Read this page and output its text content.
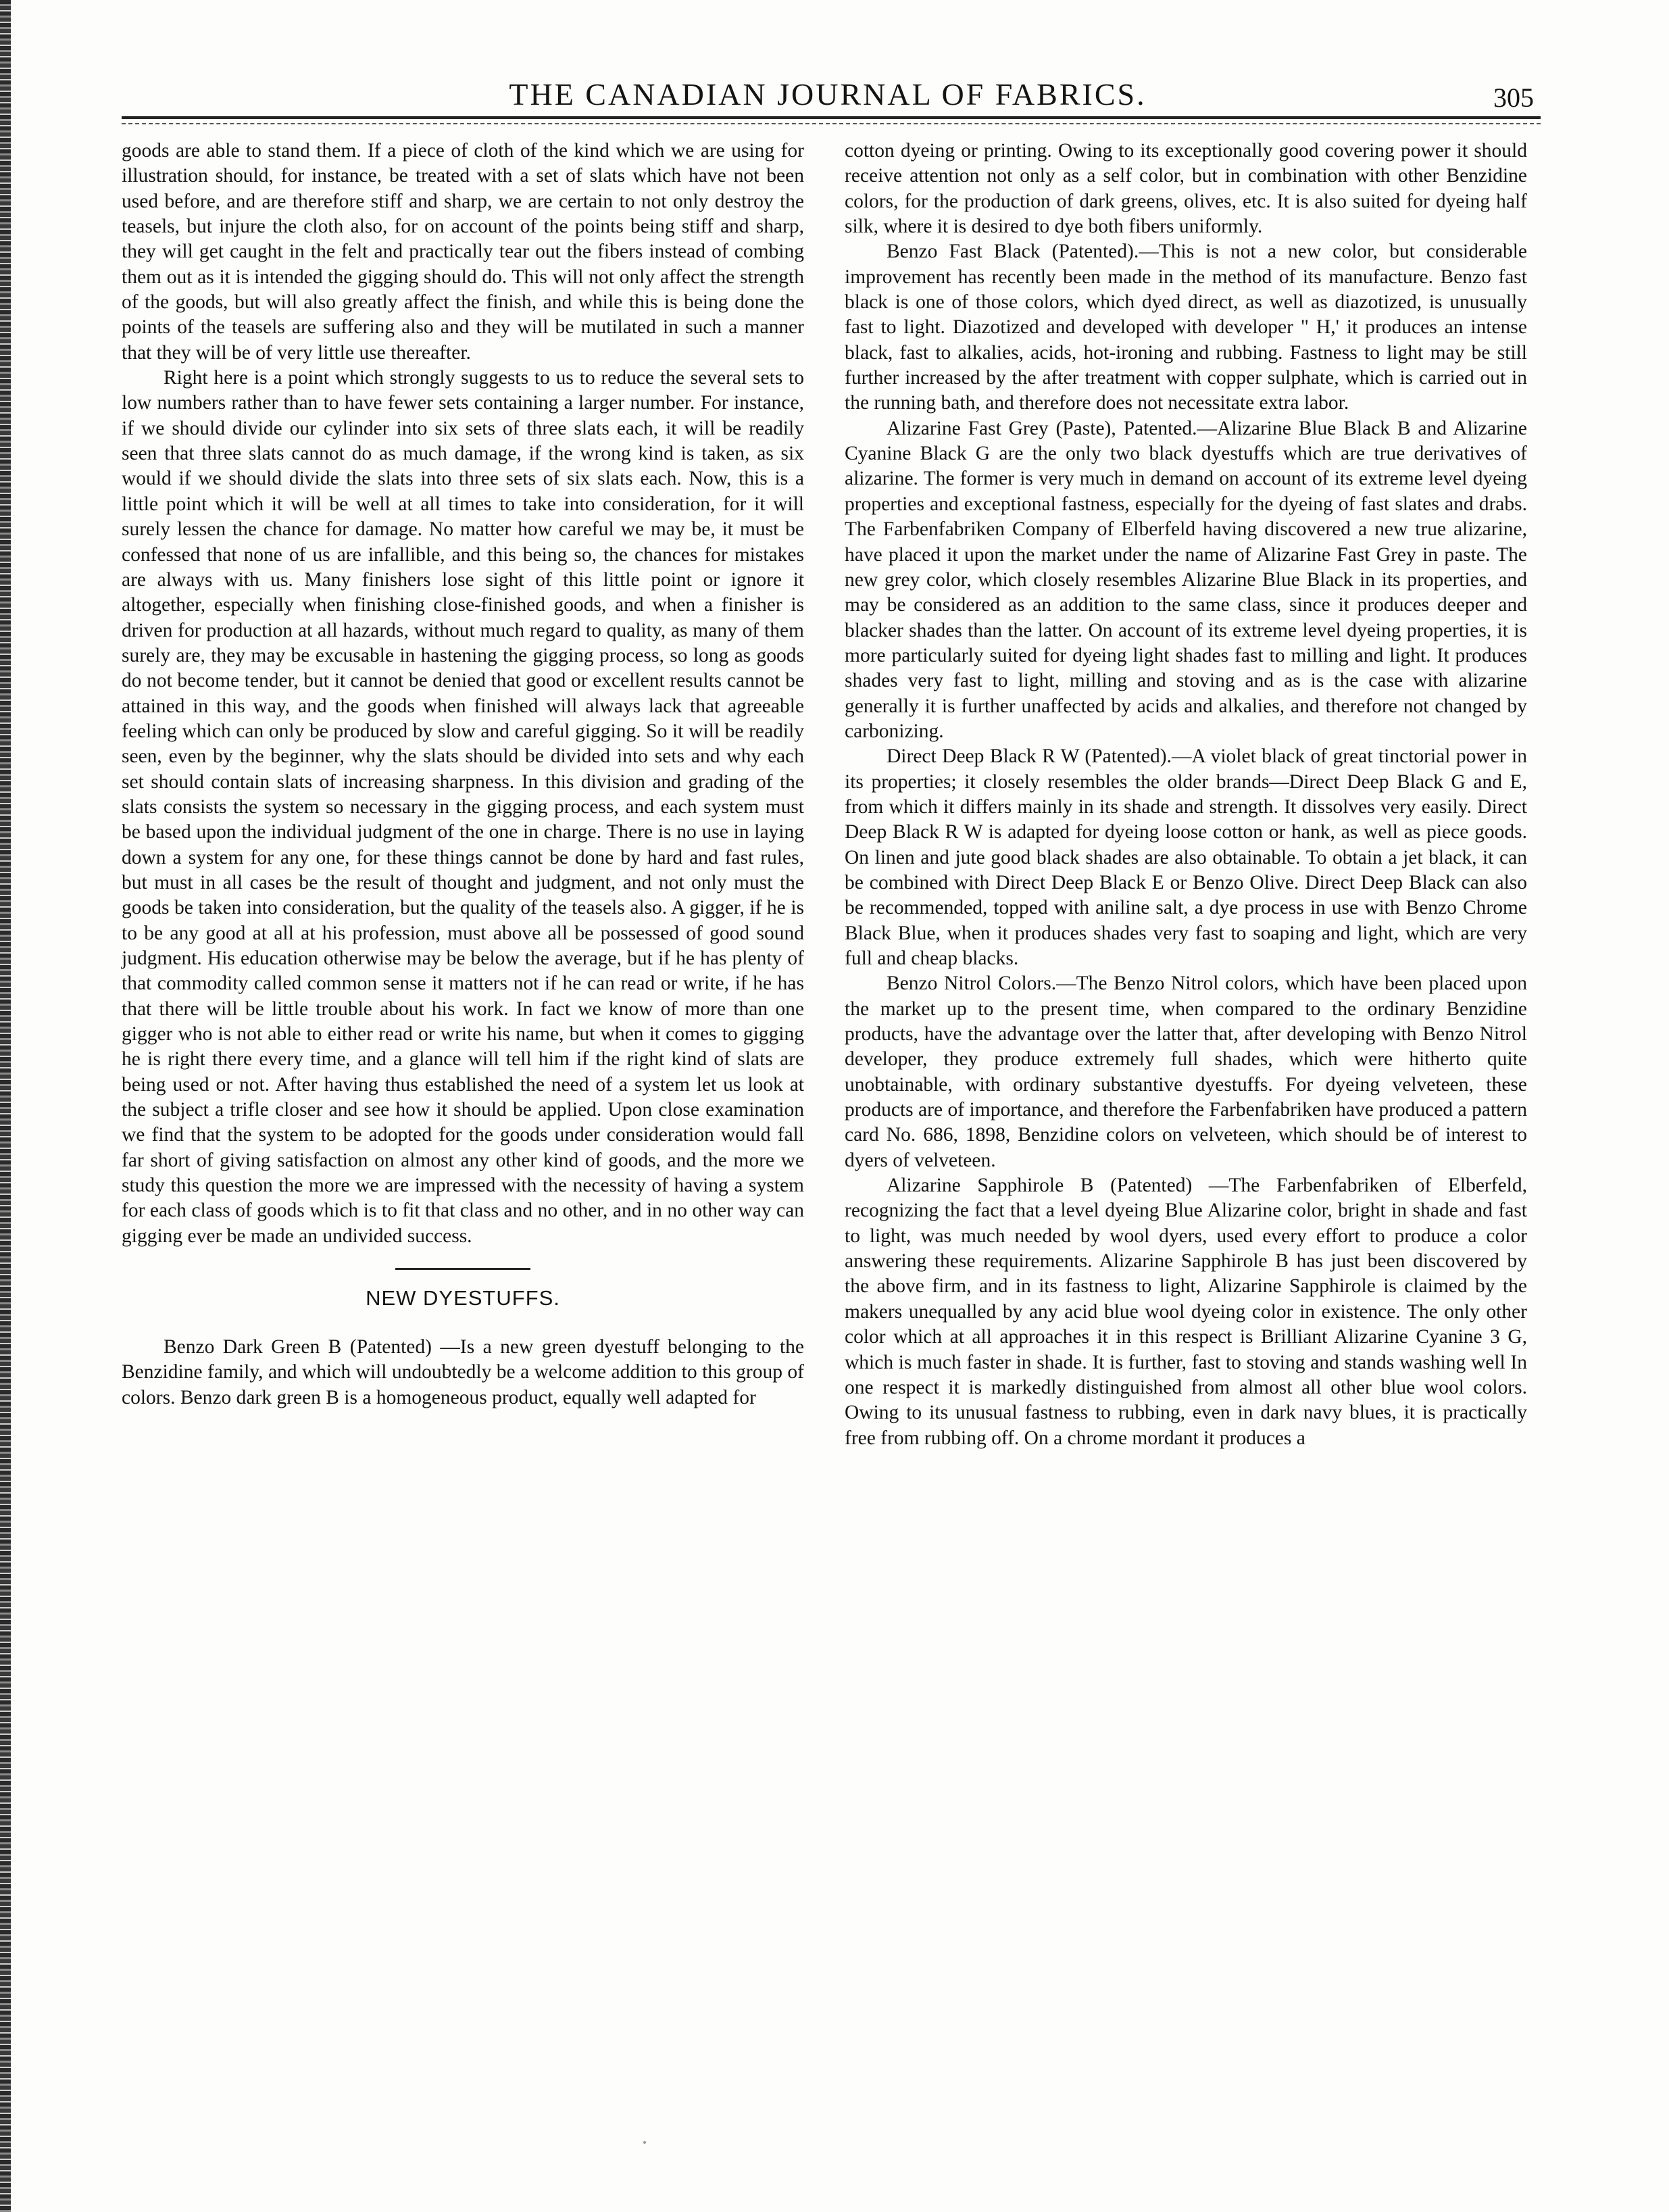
THE CANADIAN JOURNAL OF FABRICS.	305

goods are able to stand them. If a piece of cloth of the kind which we are using for illustration should, for instance, be treated with a set of slats which have not been used before, and are therefore stiff and sharp, we are certain to not only destroy the teasels, but injure the cloth also, for on account of the points being stiff and sharp, they will get caught in the felt and practically tear out the fibers instead of combing them out as it is intended the gigging should do. This will not only affect the strength of the goods, but will also greatly affect the finish, and while this is being done the points of the teasels are suffering also and they will be mutilated in such a manner that they will be of very little use thereafter.

Right here is a point which strongly suggests to us to reduce the several sets to low numbers rather than to have fewer sets containing a larger number. For instance, if we should divide our cylinder into six sets of three slats each, it will be readily seen that three slats cannot do as much damage, if the wrong kind is taken, as six would if we should divide the slats into three sets of six slats each. Now, this is a little point which it will be well at all times to take into consideration, for it will surely lessen the chance for damage. No matter how careful we may be, it must be confessed that none of us are infallible, and this being so, the chances for mistakes are always with us. Many finishers lose sight of this little point or ignore it altogether, especially when finishing close-finished goods, and when a finisher is driven for production at all hazards, without much regard to quality, as many of them surely are, they may be excusable in hastening the gigging process, so long as goods do not become tender, but it cannot be denied that good or excellent results cannot be attained in this way, and the goods when finished will always lack that agreeable feeling which can only be produced by slow and careful gigging. So it will be readily seen, even by the beginner, why the slats should be divided into sets and why each set should contain slats of increasing sharpness. In this division and grading of the slats consists the system so necessary in the gigging process, and each system must be based upon the individual judgment of the one in charge. There is no use in laying down a system for any one, for these things cannot be done by hard and fast rules, but must in all cases be the result of thought and judgment, and not only must the goods be taken into consideration, but the quality of the teasels also. A gigger, if he is to be any good at all at his profession, must above all be possessed of good sound judgment. His education otherwise may be below the average, but if he has plenty of that commodity called common sense it matters not if he can read or write, if he has that there will be little trouble about his work. In fact we know of more than one gigger who is not able to either read or write his name, but when it comes to gigging he is right there every time, and a glance will tell him if the right kind of slats are being used or not. After having thus established the need of a system let us look at the subject a trifle closer and see how it should be applied. Upon close examination we find that the system to be adopted for the goods under consideration would fall far short of giving satisfaction on almost any other kind of goods, and the more we study this question the more we are impressed with the necessity of having a system for each class of goods which is to fit that class and no other, and in no other way can gigging ever be made an undivided success.

NEW DYESTUFFS.

Benzo Dark Green B (Patented) —Is a new green dyestuff belonging to the Benzidine family, and which will undoubtedly be a welcome addition to this group of colors. Benzo dark green B is a homogeneous product, equally well adapted for

cotton dyeing or printing. Owing to its exceptionally good covering power it should receive attention not only as a self color, but in combination with other Benzidine colors, for the production of dark greens, olives, etc. It is also suited for dyeing half silk, where it is desired to dye both fibers uniformly.

Benzo Fast Black (Patented).—This is not a new color, but considerable improvement has recently been made in the method of its manufacture. Benzo fast black is one of those colors, which dyed direct, as well as diazotized, is unusually fast to light. Diazotized and developed with developer " H,' it produces an intense black, fast to alkalies, acids, hot-ironing and rubbing. Fastness to light may be still further increased by the after treatment with copper sulphate, which is carried out in the running bath, and therefore does not necessitate extra labor.

Alizarine Fast Grey (Paste), Patented.—Alizarine Blue Black B and Alizarine Cyanine Black G are the only two black dyestuffs which are true derivatives of alizarine. The former is very much in demand on account of its extreme level dyeing properties and exceptional fastness, especially for the dyeing of fast slates and drabs. The Farbenfabriken Company of Elberfeld having discovered a new true alizarine, have placed it upon the market under the name of Alizarine Fast Grey in paste. The new grey color, which closely resembles Alizarine Blue Black in its properties, and may be considered as an addition to the same class, since it produces deeper and blacker shades than the latter. On account of its extreme level dyeing properties, it is more particularly suited for dyeing light shades fast to milling and light. It produces shades very fast to light, milling and stoving and as is the case with alizarine generally it is further unaffected by acids and alkalies, and therefore not changed by carbonizing.

Direct Deep Black R W (Patented).—A violet black of great tinctorial power in its properties; it closely resembles the older brands—Direct Deep Black G and E, from which it differs mainly in its shade and strength. It dissolves very easily. Direct Deep Black R W is adapted for dyeing loose cotton or hank, as well as piece goods. On linen and jute good black shades are also obtainable. To obtain a jet black, it can be combined with Direct Deep Black E or Benzo Olive. Direct Deep Black can also be recommended, topped with aniline salt, a dye process in use with Benzo Chrome Black Blue, when it produces shades very fast to soaping and light, which are very full and cheap blacks.

Benzo Nitrol Colors.—The Benzo Nitrol colors, which have been placed upon the market up to the present time, when compared to the ordinary Benzidine products, have the advantage over the latter that, after developing with Benzo Nitrol developer, they produce extremely full shades, which were hitherto quite unobtainable, with ordinary substantive dyestuffs. For dyeing velveteen, these products are of importance, and therefore the Farbenfabriken have produced a pattern card No. 686, 1898, Benzidine colors on velveteen, which should be of interest to dyers of velveteen.

Alizarine Sapphirole B (Patented) —The Farbenfabriken of Elberfeld, recognizing the fact that a level dyeing Blue Alizarine color, bright in shade and fast to light, was much needed by wool dyers, used every effort to produce a color answering these requirements. Alizarine Sapphirole B has just been discovered by the above firm, and in its fastness to light, Alizarine Sapphirole is claimed by the makers unequalled by any acid blue wool dyeing color in existence. The only other color which at all approaches it in this respect is Brilliant Alizarine Cyanine 3 G, which is much faster in shade. It is further, fast to stoving and stands washing well In one respect it is markedly distinguished from almost all other blue wool colors. Owing to its unusual fastness to rubbing, even in dark navy blues, it is practically free from rubbing off. On a chrome mordant it produces a
